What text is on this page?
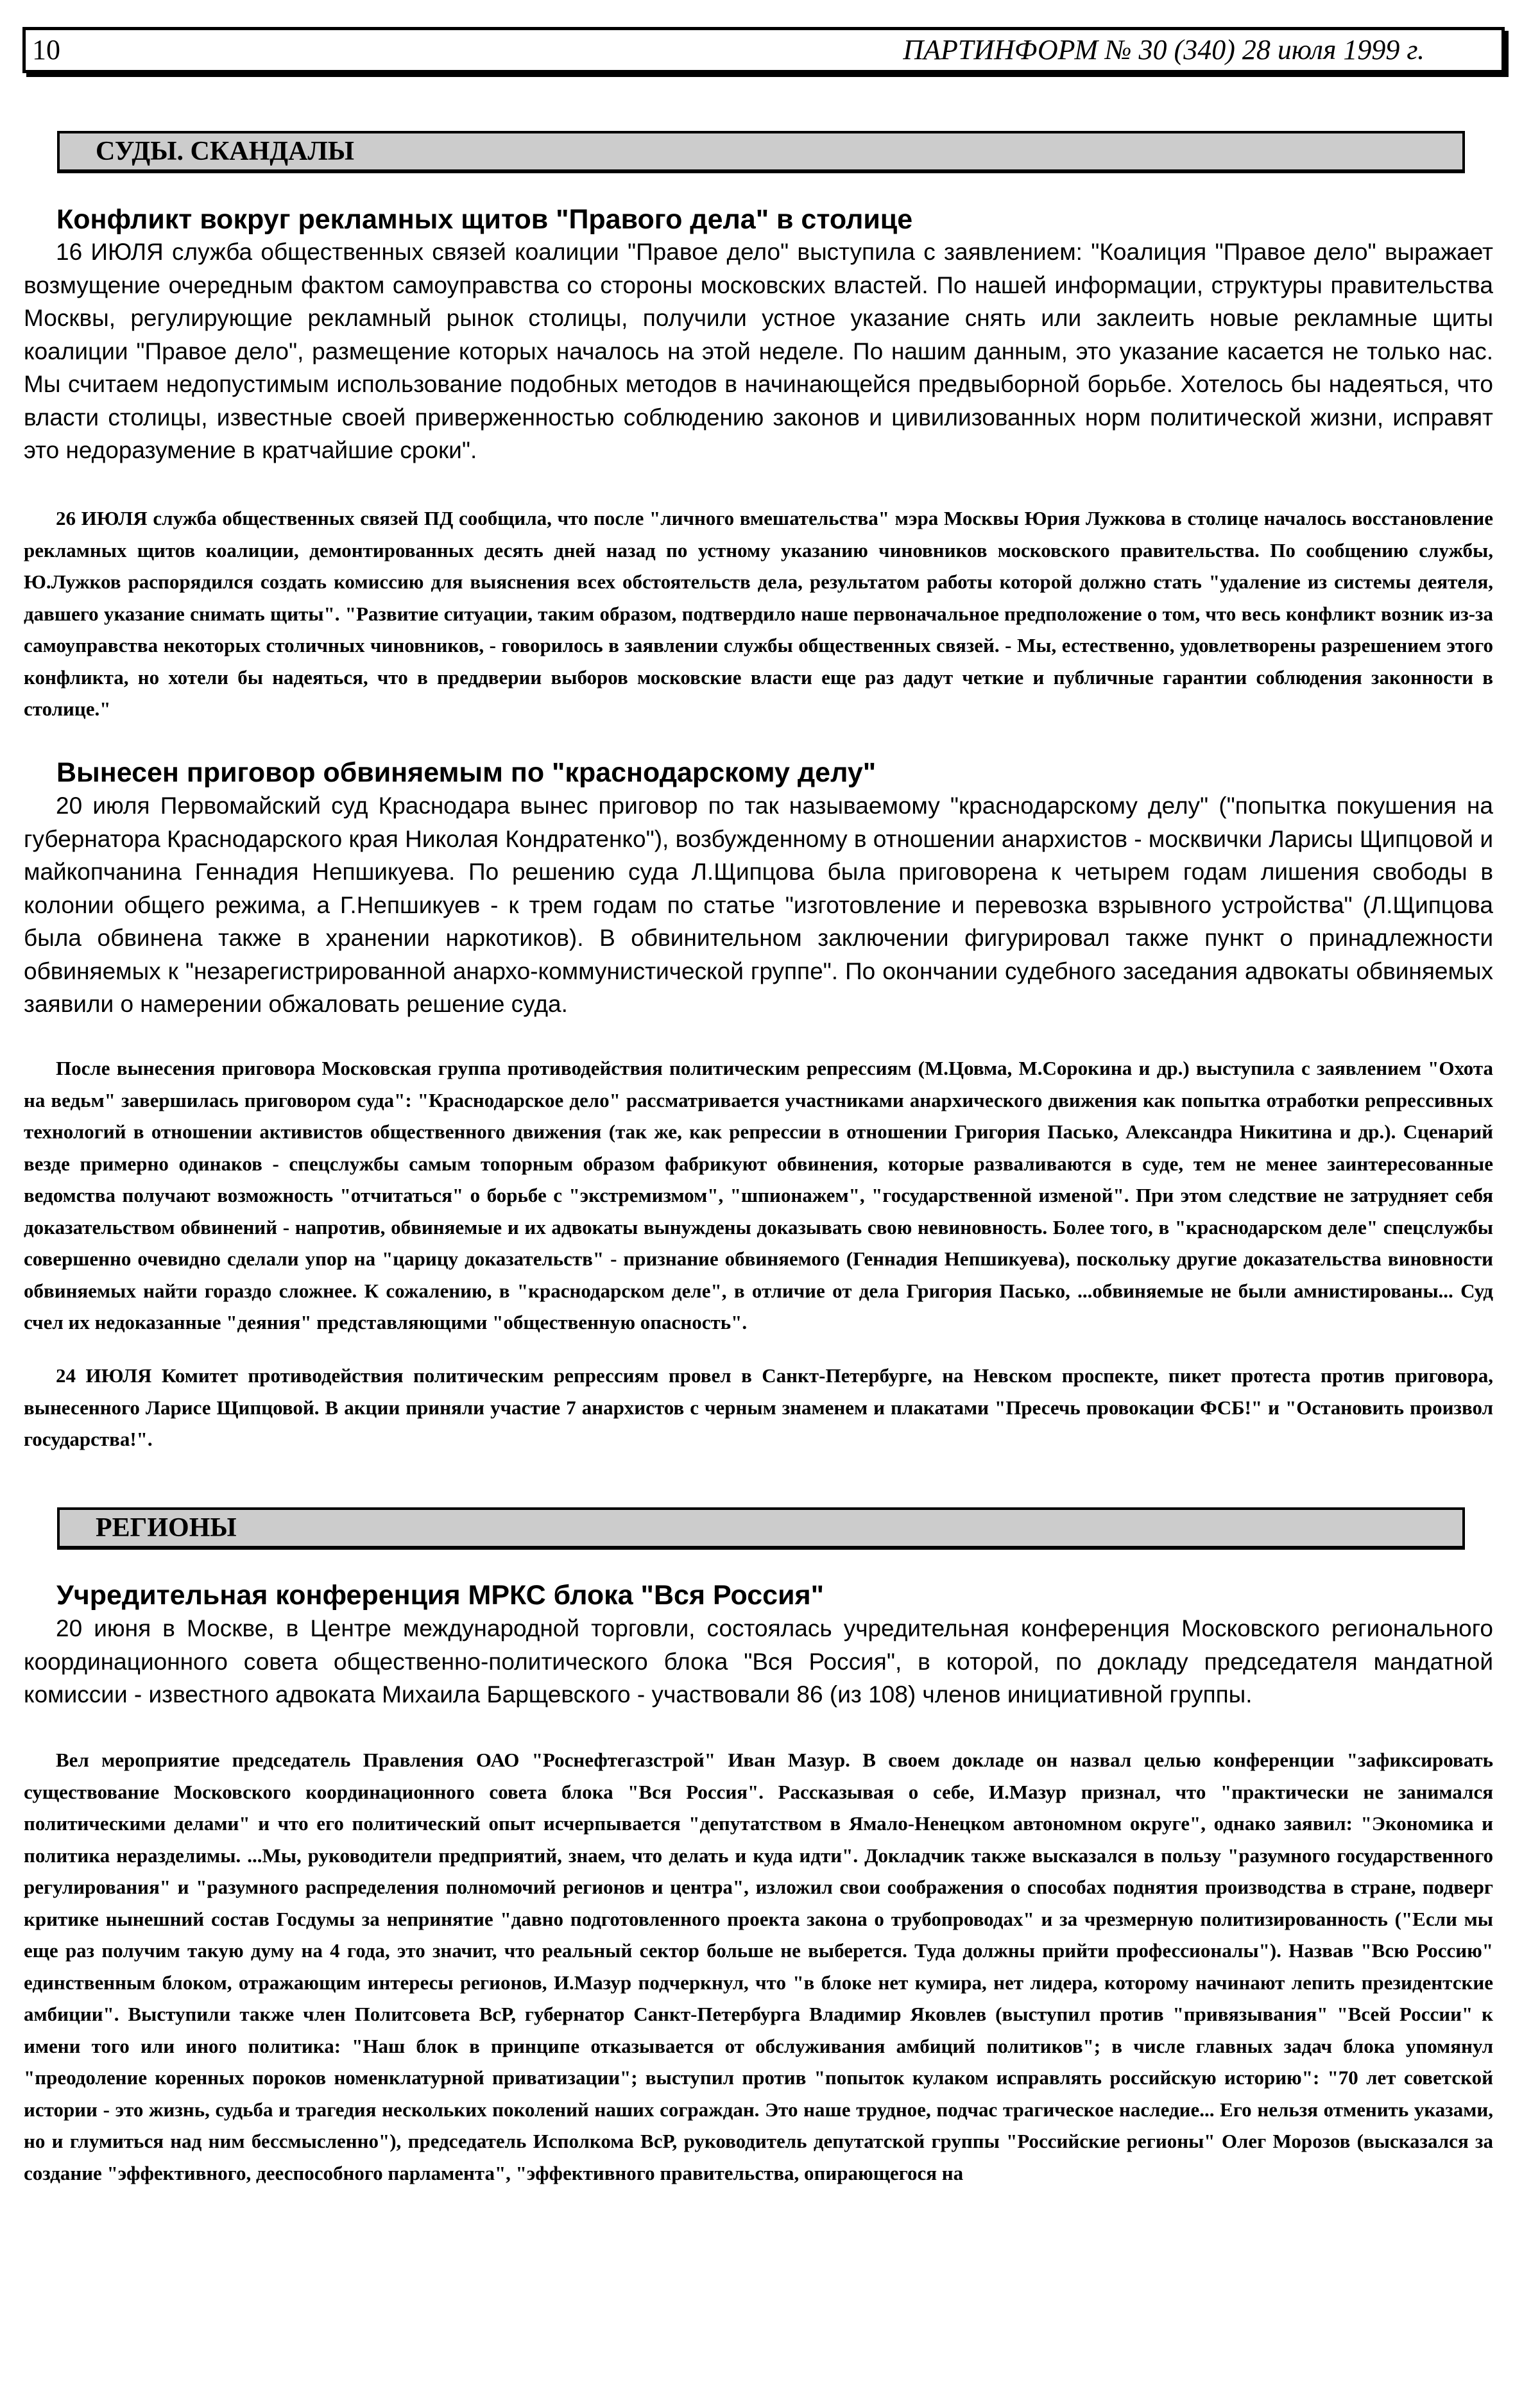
10	ПАРТИНФОРМ № 30 (340) 28 июля 1999 г.
СУДЫ. СКАНДАЛЫ
Конфликт вокруг рекламных щитов "Правого дела" в столице

16 ИЮЛЯ служба общественных связей коалиции "Правое дело" выступила с заявлением: "Коалиция "Правое дело" выражает возмущение очередным фактом самоуправства со стороны московских властей. По нашей информации, структуры правительства Москвы, регулирующие рекламный рынок столицы, получили устное указание снять или заклеить новые рекламные щиты коалиции "Правое дело", размещение которых началось на этой неделе. По нашим данным, это указание касается не только нас. Мы считаем недопустимым использование подобных методов в начинающейся предвыборной борьбе. Хотелось бы надеяться, что власти столицы, известные своей приверженностью соблюдению законов и цивилизованных норм политической жизни, исправят это недоразумение в кратчайшие сроки".

26 ИЮЛЯ служба общественных связей ПД сообщила, что после "личного вмешательства" мэра Москвы Юрия Лужкова в столице началось восстановление рекламных щитов коалиции, демонтированных десять дней назад по устному указанию чиновников московского правительства. По сообщению службы, Ю.Лужков распорядился создать комиссию для выяснения всех обстоятельств дела, результатом работы которой должно стать "удаление из системы деятеля, давшего указание снимать щиты". "Развитие ситуации, таким образом, подтвердило наше первоначальное предположение о том, что весь конфликт возник из-за самоуправства некоторых столичных чиновников, - говорилось в заявлении службы общественных связей. - Мы, естественно, удовлетворены разрешением этого конфликта, но хотели бы надеяться, что в преддверии выборов московские власти еще раз дадут четкие и публичные гарантии соблюдения законности в столице."

Вынесен приговор обвиняемым по "краснодарскому делу"

20 июля Первомайский суд Краснодара вынес приговор по так называемому "краснодарскому делу" ("попытка покушения на губернатора Краснодарского края Николая Кондратенко"), возбужденному в отношении анархистов - москвички Ларисы Щипцовой и майкопчанина Геннадия Непшикуева. По решению суда Л.Щипцова была приговорена к четырем годам лишения свободы в колонии общего режима, а Г.Непшикуев - к трем годам по статье "изготовление и перевозка взрывного устройства" (Л.Щипцова была обвинена также в хранении наркотиков). В обвинительном заключении фигурировал также пункт о принадлежности обвиняемых к "незарегистрированной анархо-коммунистической группе". По окончании судебного заседания адвокаты обвиняемых заявили о намерении обжаловать решение суда.

После вынесения приговора Московская группа противодействия политическим репрессиям (М.Цовма, М.Сорокина и др.) выступила с заявлением "Охота на ведьм" завершилась приговором суда": "Краснодарское дело" рассматривается участниками анархического движения как попытка отработки репрессивных технологий в отношении активистов общественного движения (так же, как репрессии в отношении Григория Пасько, Александра Никитина и др.). Сценарий везде примерно одинаков - спецслужбы самым топорным образом фабрикуют обвинения, которые разваливаются в суде, тем не менее заинтересованные ведомства получают возможность "отчитаться" о борьбе с "экстремизмом", "шпионажем", "государственной изменой". При этом следствие не затрудняет себя доказательством обвинений - напротив, обвиняемые и их адвокаты вынуждены доказывать свою невиновность. Более того, в "краснодарском деле" спецслужбы совершенно очевидно сделали упор на "царицу доказательств" - признание обвиняемого (Геннадия Непшикуева), поскольку другие доказательства виновности обвиняемых найти гораздо сложнее. К сожалению, в "краснодарском деле", в отличие от дела Григория Пасько, ...обвиняемые не были амнистированы... Суд счел их недоказанные "деяния" представляющими "общественную опасность".

24 ИЮЛЯ Комитет противодействия политическим репрессиям провел в Санкт-Петербурге, на Невском проспекте, пикет протеста против приговора, вынесенного Ларисе Щипцовой. В акции приняли участие 7 анархистов с черным знаменем и плакатами "Пресечь провокации ФСБ!" и "Остановить произвол государства!".

РЕГИОНЫ
Учредительная конференция МРКС блока "Вся Россия"

20 июня в Москве, в Центре международной торговли, состоялась учредительная конференция Московского регионального координационного совета общественно-политического блока "Вся Россия", в которой, по докладу председателя мандатной комиссии - известного адвоката Михаила Барщевского - участвовали 86 (из 108) членов инициативной группы.

Вел мероприятие председатель Правления ОАО "Роснефтегазстрой" Иван Мазур. В своем докладе он назвал целью конференции "зафиксировать существование Московского координационного совета блока "Вся Россия". Рассказывая о себе, И.Мазур признал, что "практически не занимался политическими делами" и что его политический опыт исчерпывается "депутатством в Ямало-Ненецком автономном округе", однако заявил: "Экономика и политика неразделимы. ...Мы, руководители предприятий, знаем, что делать и куда идти". Докладчик также высказался в пользу "разумного государственного регулирования" и "разумного распределения полномочий регионов и центра", изложил свои соображения о способах поднятия производства в стране, подверг критике нынешний состав Госдумы за непринятие "давно подготовленного проекта закона о трубопроводах" и за чрезмерную политизированность ("Если мы еще раз получим такую думу на 4 года, это значит, что реальный сектор больше не выберется. Туда должны прийти профессионалы"). Назвав "Всю Россию" единственным блоком, отражающим интересы регионов, И.Мазур подчеркнул, что "в блоке нет кумира, нет лидера, которому начинают лепить президентские амбиции". Выступили также член Политсовета ВсР, губернатор Санкт-Петербурга Владимир Яковлев (выступил против "привязывания" "Всей России" к имени того или иного политика: "Наш блок в принципе отказывается от обслуживания амбиций политиков"; в числе главных задач блока упомянул "преодоление коренных пороков номенклатурной приватизации"; выступил против "попыток кулаком исправлять российскую историю": "70 лет советской истории - это жизнь, судьба и трагедия нескольких поколений наших сограждан. Это наше трудное, подчас трагическое наследие... Его нельзя отменить указами, но и глумиться над ним бессмысленно"), председатель Исполкома ВсР, руководитель депутатской группы "Российские регионы" Олег Морозов (высказался за создание "эффективного, дееспособного парламента", "эффективного правительства, опирающегося на
